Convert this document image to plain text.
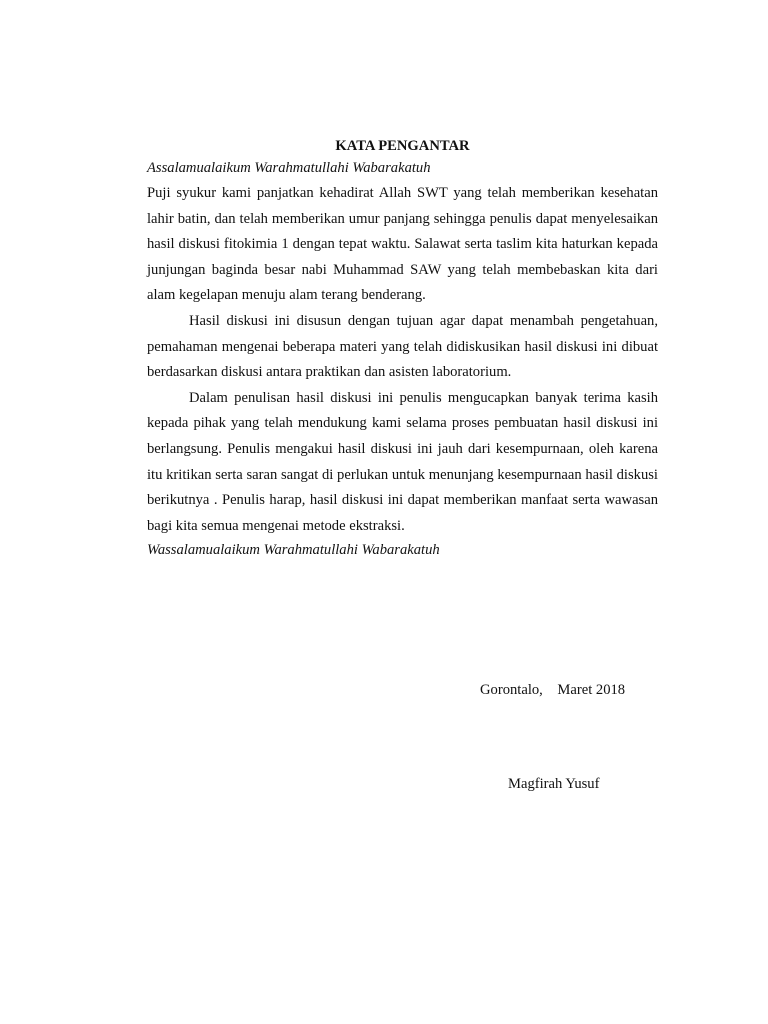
KATA PENGANTAR

Assalamualaikum Warahmatullahi Wabarakatuh

Puji syukur kami panjatkan kehadirat Allah SWT yang telah memberikan kesehatan lahir batin, dan telah memberikan umur panjang sehingga penulis dapat menyelesaikan hasil diskusi fitokimia 1 dengan tepat waktu. Salawat serta taslim kita haturkan kepada junjungan baginda besar nabi Muhammad SAW yang telah membebaskan kita dari alam kegelapan menuju alam terang benderang.

Hasil diskusi ini disusun dengan tujuan agar dapat menambah pengetahuan, pemahaman mengenai beberapa materi yang telah didiskusikan hasil diskusi ini dibuat berdasarkan diskusi antara praktikan dan asisten laboratorium.

Dalam penulisan hasil diskusi ini penulis mengucapkan banyak terima kasih kepada pihak yang telah mendukung kami selama proses pembuatan hasil diskusi ini berlangsung. Penulis mengakui hasil diskusi ini jauh dari kesempurnaan, oleh karena itu kritikan serta saran sangat di perlukan untuk menunjang kesempurnaan hasil diskusi berikutnya . Penulis harap, hasil diskusi ini dapat memberikan manfaat serta wawasan bagi kita semua mengenai metode ekstraksi.

Wassalamualaikum Warahmatullahi Wabarakatuh

Gorontalo,    Maret 2018
Magfirah Yusuf
